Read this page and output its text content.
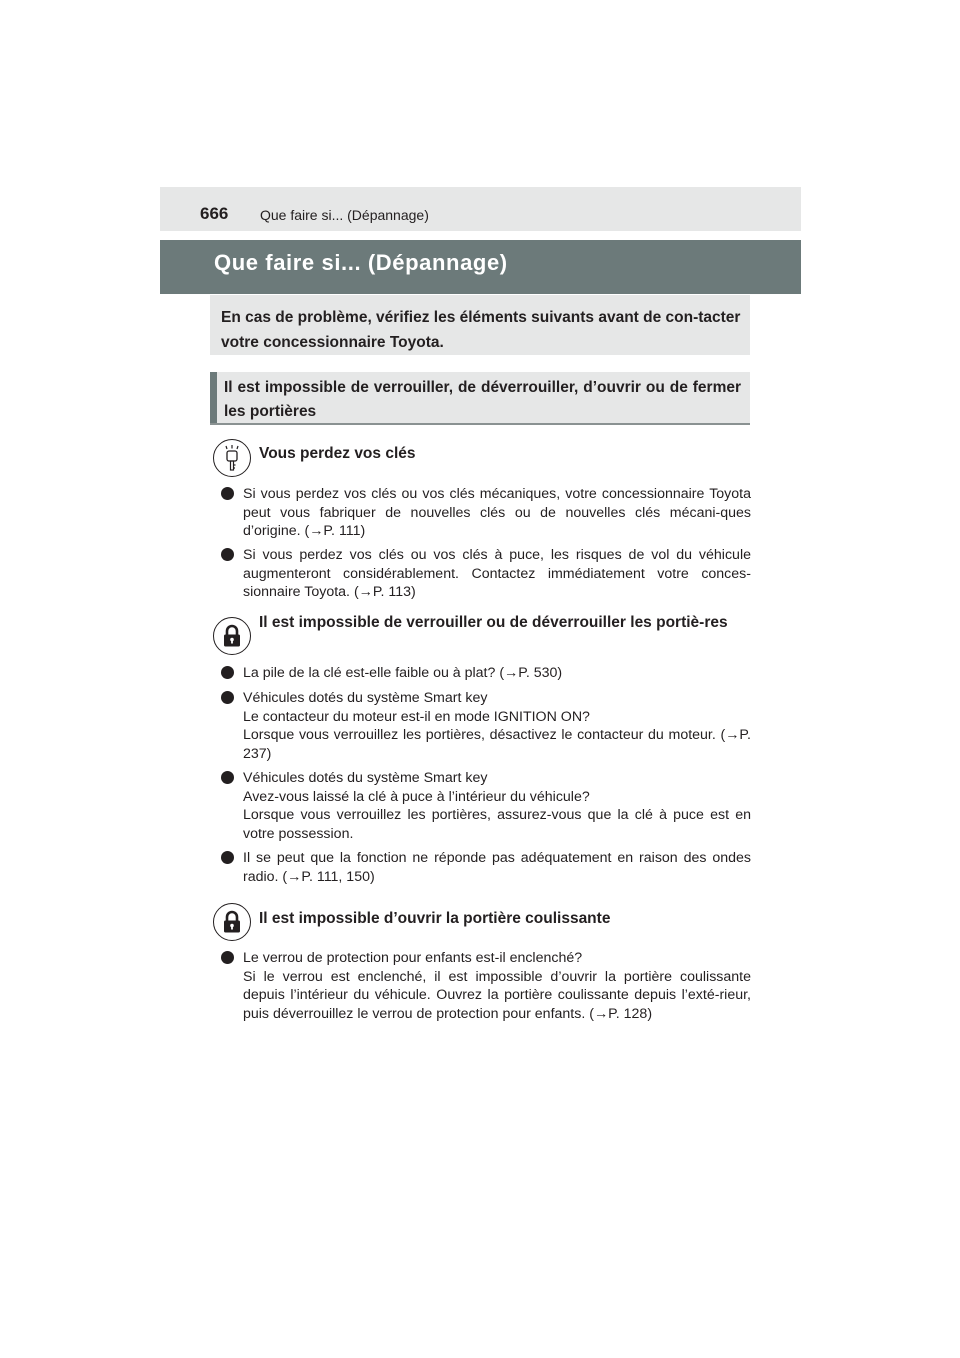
666 Que faire si... (Dépannage)
Que faire si... (Dépannage)

En cas de problème, vérifiez les éléments suivants avant de con-tacter votre concessionnaire Toyota.

Il est impossible de verrouiller, de déverrouiller, d’ouvrir ou de fermer les portières

Vous perdez vos clés
Si vous perdez vos clés ou vos clés mécaniques, votre concessionnaire Toyota peut vous fabriquer de nouvelles clés ou de nouvelles clés mécani-ques d’origine. (→P. 111)
Si vous perdez vos clés ou vos clés à puce, les risques de vol du véhicule augmenteront considérablement. Contactez immédiatement votre conces-sionnaire Toyota. (→P. 113)
Il est impossible de verrouiller ou de déverrouiller les portiè-res
La pile de la clé est-elle faible ou à plat? (→P. 530)
Véhicules dotés du système Smart key
Le contacteur du moteur est-il en mode IGNITION ON?
Lorsque vous verrouillez les portières, désactivez le contacteur du moteur. (→P. 237)
Véhicules dotés du système Smart key
Avez-vous laissé la clé à puce à l’intérieur du véhicule?
Lorsque vous verrouillez les portières, assurez-vous que la clé à puce est en votre possession.
Il se peut que la fonction ne réponde pas adéquatement en raison des ondes radio. (→P. 111, 150)
Il est impossible d’ouvrir la portière coulissante
Le verrou de protection pour enfants est-il enclenché?
Si le verrou est enclenché, il est impossible d’ouvrir la portière coulissante depuis l’intérieur du véhicule. Ouvrez la portière coulissante depuis l’exté-rieur, puis déverrouillez le verrou de protection pour enfants. (→P. 128)
